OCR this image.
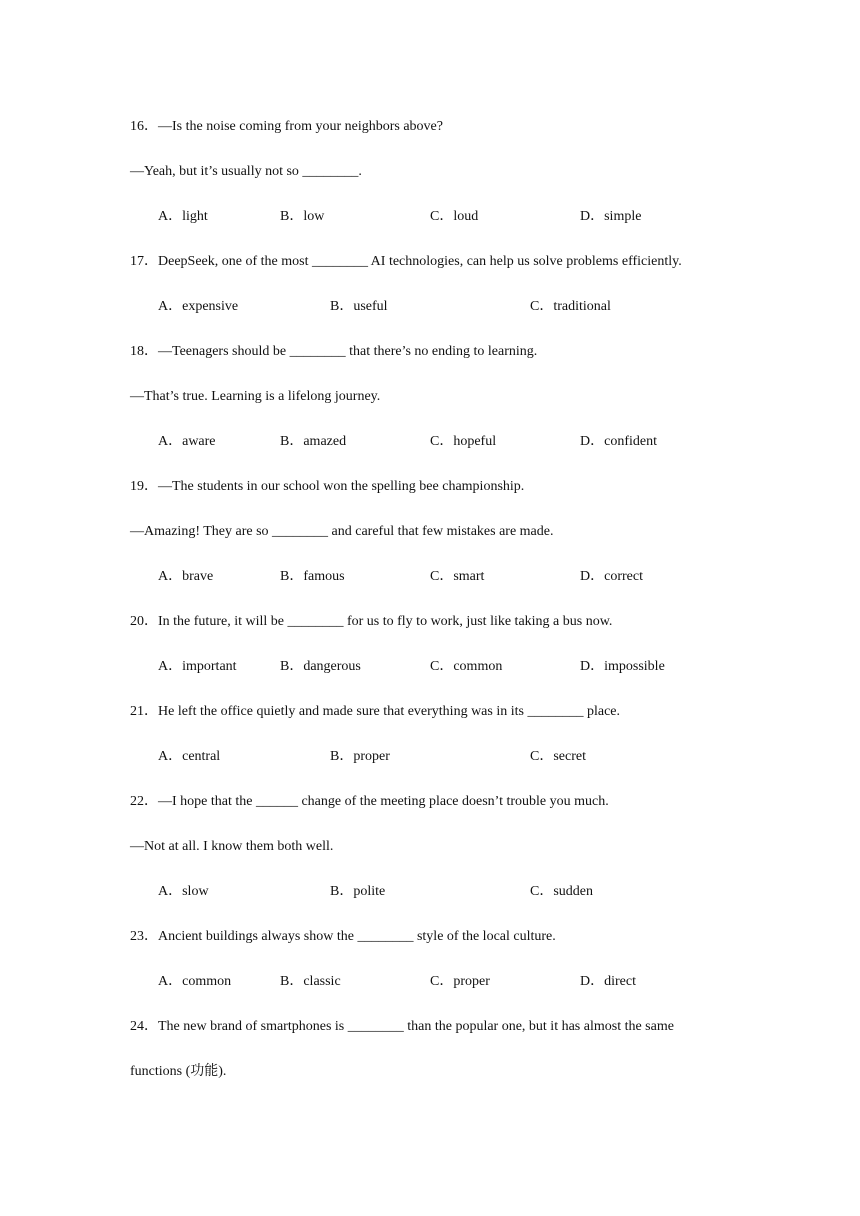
16．—Is the noise coming from your neighbors above?
—Yeah, but it’s usually not so ________.
A．light	B．low	C．loud	D．simple
17．DeepSeek, one of the most ________ AI technologies, can help us solve problems efficiently.
A．expensive	B．useful	C．traditional
18．—Teenagers should be ________ that there’s no ending to learning.
—That’s true. Learning is a lifelong journey.
A．aware	B．amazed	C．hopeful	D．confident
19．—The students in our school won the spelling bee championship.
—Amazing! They are so ________ and careful that few mistakes are made.
A．brave	B．famous	C．smart	D．correct
20．In the future, it will be ________ for us to fly to work, just like taking a bus now.
A．important	B．dangerous	C．common	D．impossible
21．He left the office quietly and made sure that everything was in its ________ place.
A．central	B．proper	C．secret
22．—I hope that the ______ change of the meeting place doesn’t trouble you much.
—Not at all. I know them both well.
A．slow	B．polite	C．sudden
23．Ancient buildings always show the ________ style of the local culture.
A．common	B．classic	C．proper	D．direct
24．The new brand of smartphones is ________ than the popular one, but it has almost the same
functions (功能).
